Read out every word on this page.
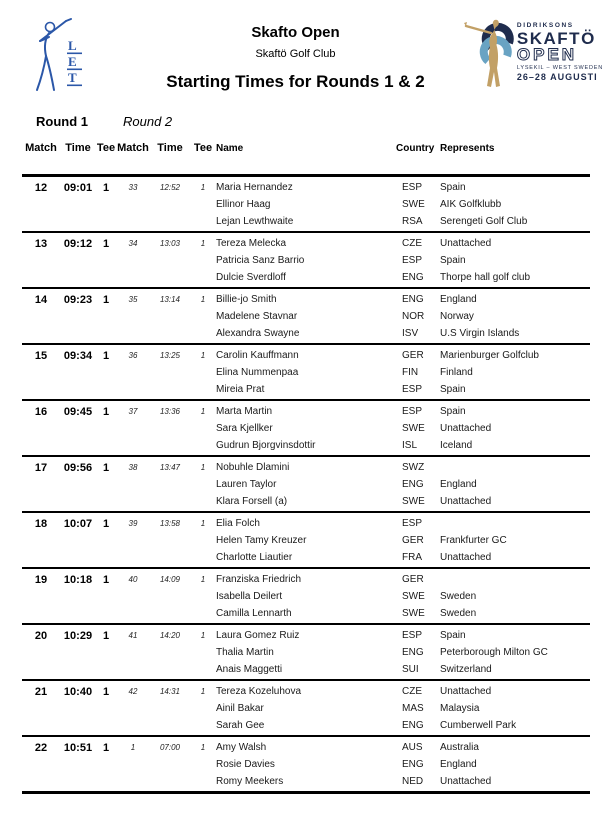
L
E
T
Skafto Open
Skaftö Golf Club
Starting Times for Rounds 1 & 2
DIDRIKSONS
SKAFTÖ
OPEN
LYSEKIL – WEST SWEDEN
26–28 AUGUSTI
Round 1	Round 2
Match Time Tee Match Time	Tee Name	Country Represents
12	09:01 1	33	12:52	1	Maria Hernandez	ESP	Spain
Ellinor Haag	SWE	AIK Golfklubb
Lejan Lewthwaite	RSA	Serengeti Golf Club
13	09:12 1	34	13:03	1	Tereza Melecka	CZE	Unattached
Patricia Sanz Barrio	ESP	Spain
Dulcie Sverdloff	ENG	Thorpe hall golf club
14	09:23 1	35	13:14	1	Billie-jo Smith	ENG	England
Madelene Stavnar	NOR	Norway
Alexandra Swayne	ISV	U.S Virgin Islands
15	09:34 1	36	13:25	1	Carolin Kauffmann	GER	Marienburger Golfclub
Elina Nummenpaa	FIN	Finland
Mireia Prat	ESP	Spain
16	09:45 1	37	13:36	1	Marta Martin	ESP	Spain
Sara Kjellker	SWE	Unattached
Gudrun Bjorgvinsdottir	ISL	Iceland
17	09:56 1	38	13:47	1	Nobuhle Dlamini	SWZ
Lauren Taylor	ENG	England
Klara Forsell (a)	SWE	Unattached
18	10:07 1	39	13:58	1	Elia Folch	ESP
Helen Tamy Kreuzer	GER	Frankfurter GC
Charlotte Liautier	FRA	Unattached
19	10:18 1	40	14:09	1	Franziska Friedrich	GER
Isabella Deilert	SWE	Sweden
Camilla Lennarth	SWE	Sweden
20	10:29 1	41	14:20	1	Laura Gomez Ruiz	ESP	Spain
Thalia Martin	ENG	Peterborough Milton GC
Anais Maggetti	SUI	Switzerland
21	10:40 1	42	14:31	1	Tereza Kozeluhova	CZE	Unattached
Ainil Bakar	MAS	Malaysia
Sarah Gee	ENG	Cumberwell Park
22	10:51 1	1	07:00	1	Amy Walsh	AUS	Australia
Rosie Davies	ENG	England
Romy Meekers	NED	Unattached
